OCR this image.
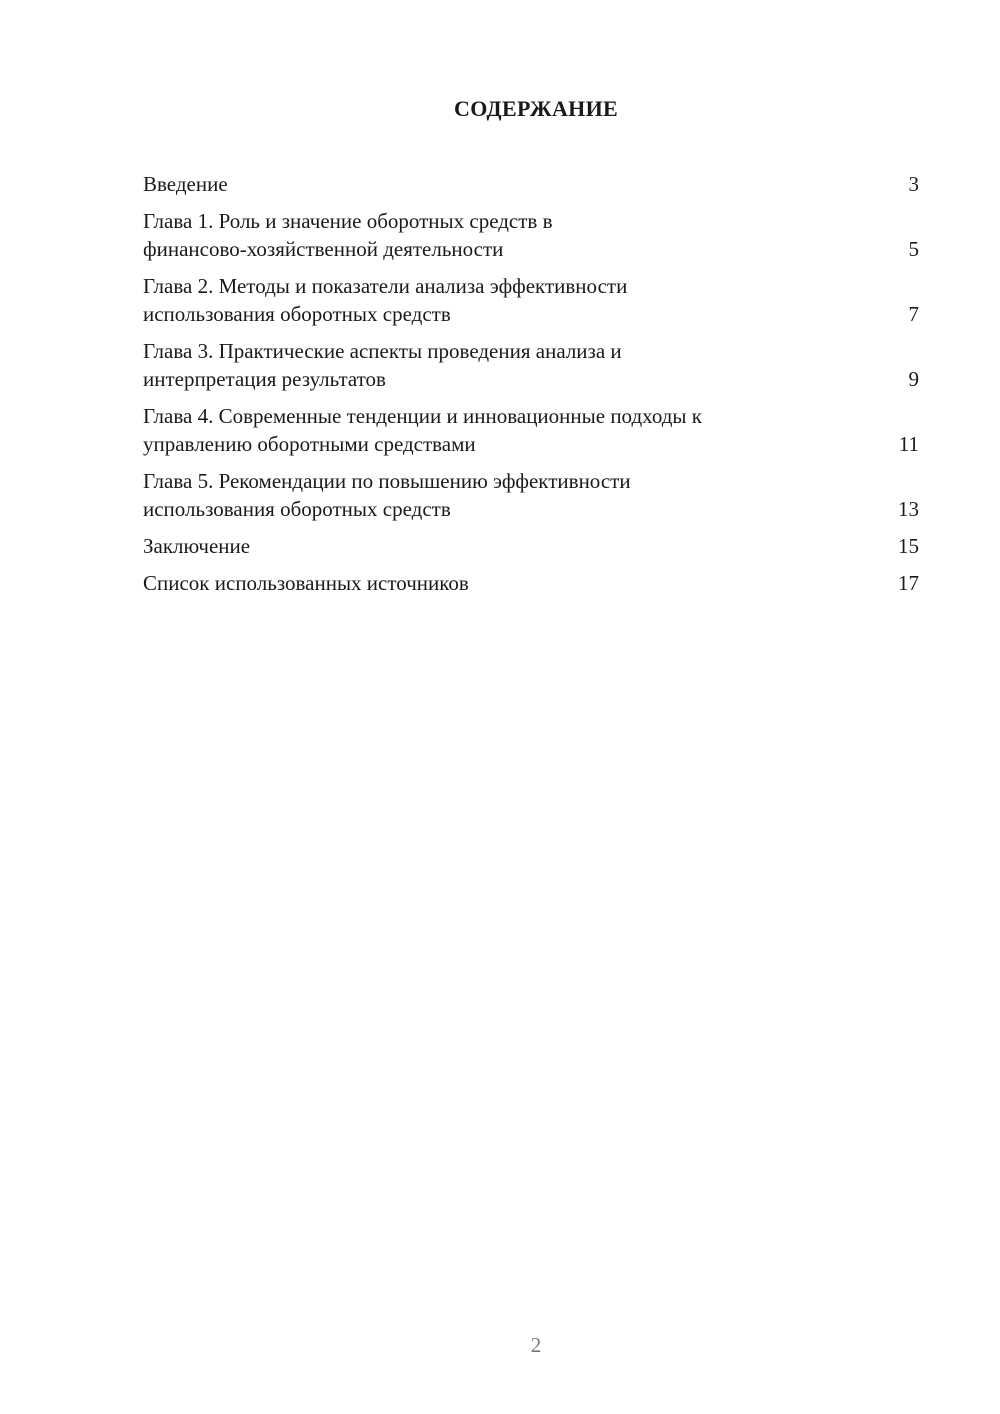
СОДЕРЖАНИЕ
Введение	3
Глава 1. Роль и значение оборотных средств в
финансово-хозяйственной деятельности	5
Глава 2. Методы и показатели анализа эффективности
использования оборотных средств	7
Глава 3. Практические аспекты проведения анализа и
интерпретация результатов	9
Глава 4. Современные тенденции и инновационные подходы к
управлению оборотными средствами	11
Глава 5. Рекомендации по повышению эффективности
использования оборотных средств	13
Заключение	15
Список использованных источников	17
2
